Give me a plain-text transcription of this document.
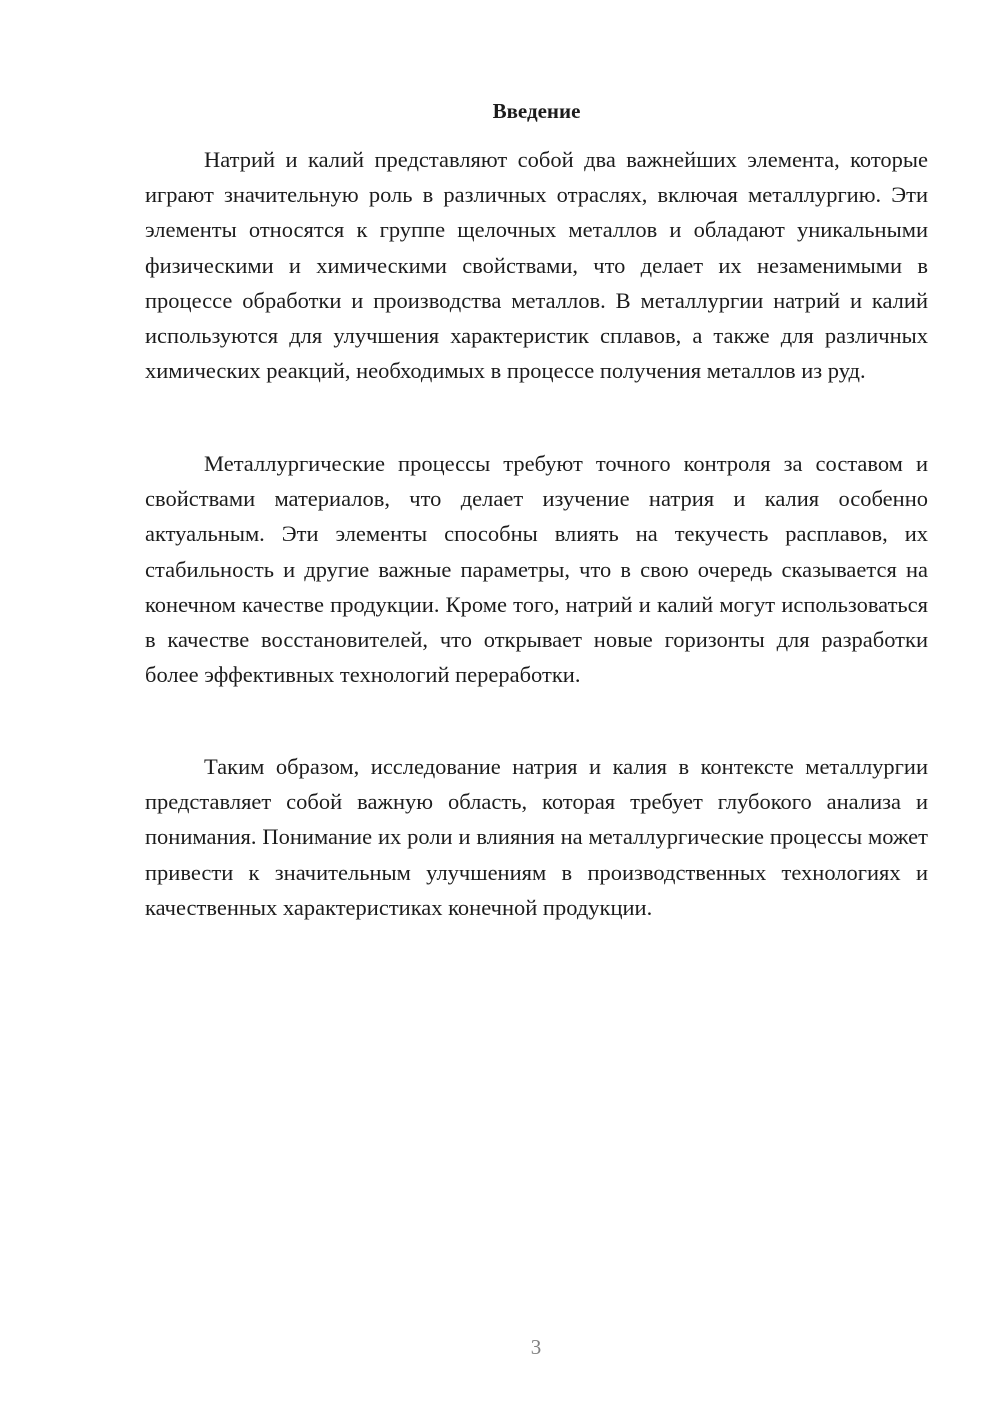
Введение

Натрий и калий представляют собой два важнейших элемента, которые играют значительную роль в различных отраслях, включая металлургию. Эти элементы относятся к группе щелочных металлов и обладают уникальными физическими и химическими свойствами, что делает их незаменимыми в процессе обработки и производства металлов. В металлургии натрий и калий используются для улучшения характеристик сплавов, а также для различных химических реакций, необходимых в процессе получения металлов из руд.

Металлургические процессы требуют точного контроля за составом и свойствами материалов, что делает изучение натрия и калия особенно актуальным. Эти элементы способны влиять на текучесть расплавов, их стабильность и другие важные параметры, что в свою очередь сказывается на конечном качестве продукции. Кроме того, натрий и калий могут использоваться в качестве восстановителей, что открывает новые горизонты для разработки более эффективных технологий переработки.

Таким образом, исследование натрия и калия в контексте металлургии представляет собой важную область, которая требует глубокого анализа и понимания. Понимание их роли и влияния на металлургические процессы может привести к значительным улучшениям в производственных технологиях и качественных характеристиках конечной продукции.

3
